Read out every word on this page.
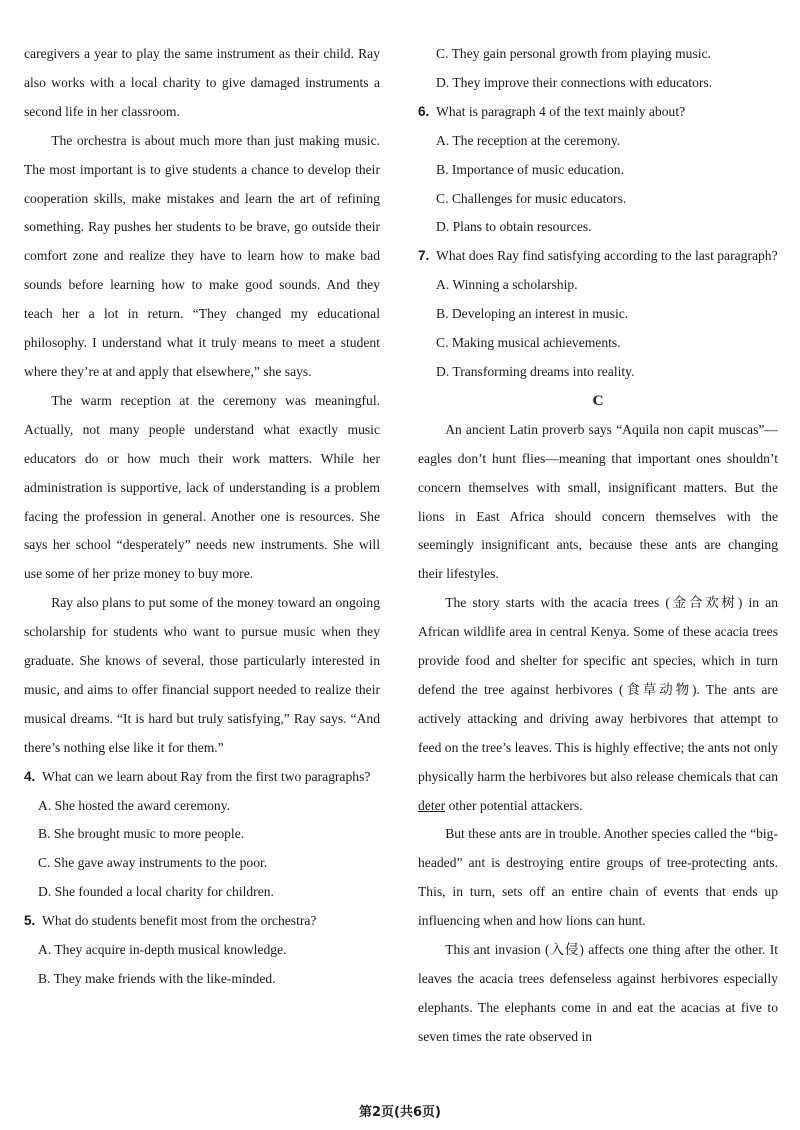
caregivers a year to play the same instrument as their child. Ray also works with a local charity to give damaged instruments a second life in her classroom.

The orchestra is about much more than just making music. The most important is to give students a chance to develop their cooperation skills, make mistakes and learn the art of refining something. Ray pushes her students to be brave, go outside their comfort zone and realize they have to learn how to make bad sounds before learning how to make good sounds. And they teach her a lot in return. “They changed my educational philosophy. I understand what it truly means to meet a student where they’re at and apply that elsewhere,” she says.

The warm reception at the ceremony was meaningful. Actually, not many people understand what exactly music educators do or how much their work matters. While her administration is supportive, lack of understanding is a problem facing the profession in general. Another one is resources. She says her school “desperately” needs new instruments. She will use some of her prize money to buy more.

Ray also plans to put some of the money toward an ongoing scholarship for students who want to pursue music when they graduate. She knows of several, those particularly interested in music, and aims to offer financial support needed to realize their musical dreams. “It is hard but truly satisfying,” Ray says. “And there’s nothing else like it for them.”

4. What can we learn about Ray from the first two paragraphs?

A. She hosted the award ceremony.

B. She brought music to more people.

C. She gave away instruments to the poor.

D. She founded a local charity for children.

5. What do students benefit most from the orchestra?

A. They acquire in-depth musical knowledge.

B. They make friends with the like-minded.

C. They gain personal growth from playing music.

D. They improve their connections with educators.

6. What is paragraph 4 of the text mainly about?

A. The reception at the ceremony.

B. Importance of music education.

C. Challenges for music educators.

D. Plans to obtain resources.

7. What does Ray find satisfying according to the last paragraph?

A. Winning a scholarship.

B. Developing an interest in music.

C. Making musical achievements.

D. Transforming dreams into reality.

C

An ancient Latin proverb says “Aquila non capit muscas”—eagles don’t hunt flies—meaning that important ones shouldn’t concern themselves with small, insignificant matters. But the lions in East Africa should concern themselves with the seemingly insignificant ants, because these ants are changing their lifestyles.

The story starts with the acacia trees (金合欢树) in an African wildlife area in central Kenya. Some of these acacia trees provide food and shelter for specific ant species, which in turn defend the tree against herbivores (食草动物). The ants are actively attacking and driving away herbivores that attempt to feed on the tree’s leaves. This is highly effective; the ants not only physically harm the herbivores but also release chemicals that can deter other potential attackers.

But these ants are in trouble. Another species called the “big-headed” ant is destroying entire groups of tree-protecting ants. This, in turn, sets off an entire chain of events that ends up influencing when and how lions can hunt.

This ant invasion (入侵) affects one thing after the other. It leaves the acacia trees defenseless against herbivores especially elephants. The elephants come in and eat the acacias at five to seven times the rate observed in

第2页(共6页)
